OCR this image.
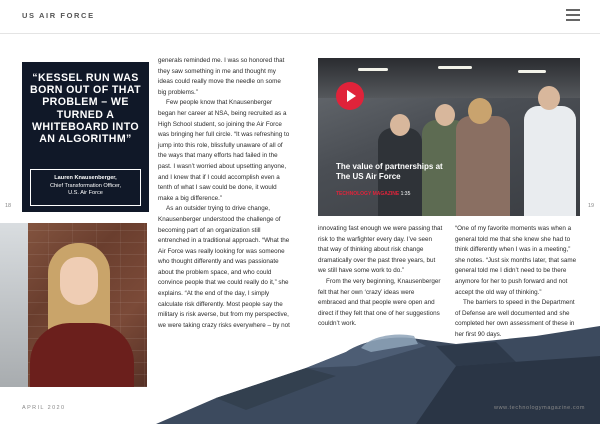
US AIR FORCE
“KESSEL RUN WAS BORN OUT OF THAT PROBLEM – WE TURNED A WHITEBOARD INTO AN ALGORITHM”
Lauren Knausenberger,
Chief Transformation Officer,
U.S. Air Force
18	19

generals reminded me. I was so honored that they saw something in me and thought my ideas could really move the needle on some big problems.”

Few people know that Knausenberger began her career at NSA, being recruited as a High School student, so joining the Air Force was bringing her full circle. “It was refreshing to jump into this role, blissfully unaware of all of the ways that many efforts had failed in the past. I wasn’t worried about upsetting anyone, and I knew that if I could accomplish even a tenth of what I saw could be done, it would make a big difference.”

As an outsider trying to drive change, Knausenberger understood the challenge of becoming part of an organization still entrenched in a traditional approach. “What the Air Force was really looking for was someone who thought differently and was passionate about the problem space, and who could convince people that we could really do it,” she explains. “At the end of the day, I simply calculate risk differently. Most people say the military is risk averse, but from my perspective, we were taking crazy risks everywhere – by not

The value of partnerships at The US Air Force
TECHNOLOGY MAGAZINE 1:35

innovating fast enough we were passing that risk to the warfighter every day. I’ve seen that way of thinking about risk change dramatically over the past three years, but we still have some work to do.”

From the very beginning, Knausenberger felt that her own ‘crazy’ ideas were embraced and that people were open and direct if they felt that one of her suggestions couldn’t work.

“One of my favorite moments was when a general told me that she knew she had to think differently when I was in a meeting,” she notes. “Just six months later, that same general told me I didn’t need to be there anymore for her to push forward and not accept the old way of thinking.”

The barriers to speed in the Department of Defense are well documented and she completed her own assessment of these in her first 90 days.

APRIL 2020	www.technologymagazine.com
